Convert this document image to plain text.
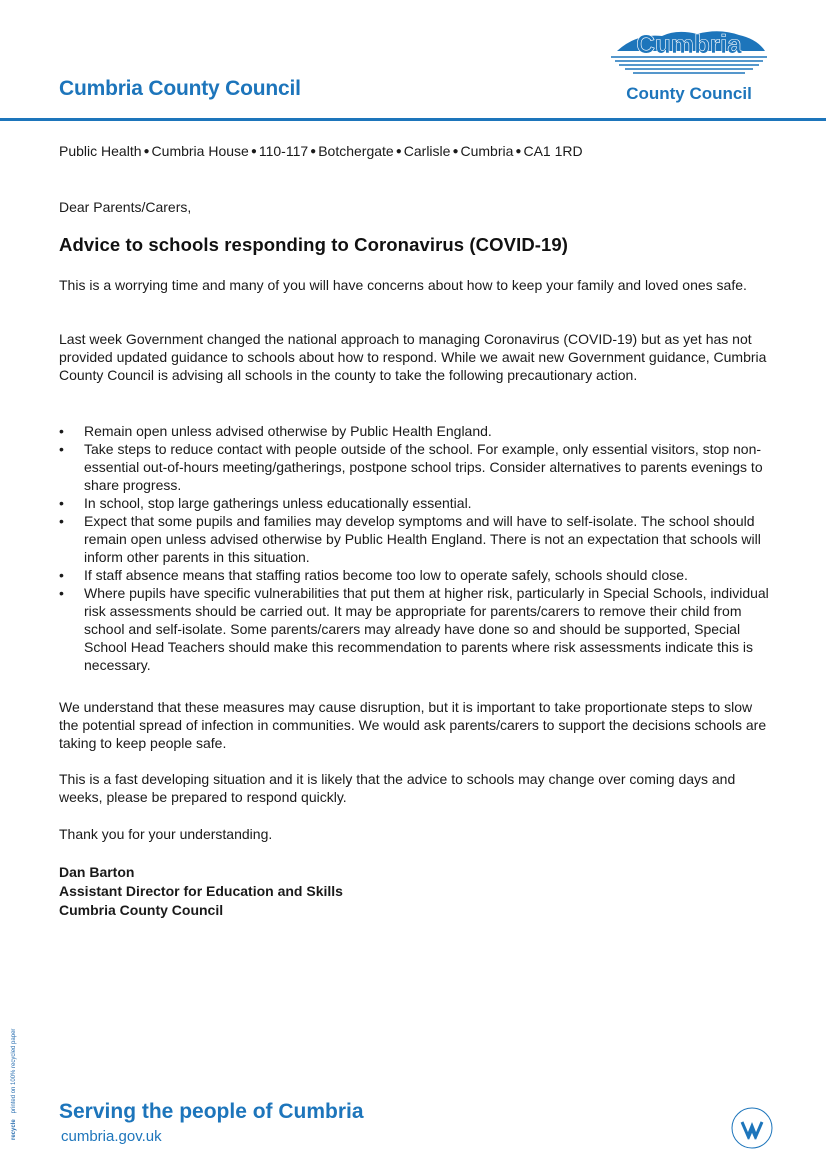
Cumbria County Council
Cumbria
County Council
Public Health ● Cumbria House ● 110-117 ● Botchergate ● Carlisle ● Cumbria ● CA1 1RD
Dear Parents/Carers,
Advice to schools responding to Coronavirus (COVID-19)

This is a worrying time and many of you will have concerns about how to keep your family and loved ones safe.

Last week Government changed the national approach to managing Coronavirus (COVID-19) but as yet has not provided updated guidance to schools about how to respond. While we await new Government guidance, Cumbria County Council is advising all schools in the county to take the following precautionary action.

• Remain open unless advised otherwise by Public Health England.
• Take steps to reduce contact with people outside of the school. For example, only essential visitors, stop non-essential out-of-hours meeting/gatherings, postpone school trips. Consider alternatives to parents evenings to share progress.
• In school, stop large gatherings unless educationally essential.
• Expect that some pupils and families may develop symptoms and will have to self-isolate. The school should remain open unless advised otherwise by Public Health England. There is not an expectation that schools will inform other parents in this situation.
• If staff absence means that staffing ratios become too low to operate safely, schools should close.
• Where pupils have specific vulnerabilities that put them at higher risk, particularly in Special Schools, individual risk assessments should be carried out. It may be appropriate for parents/carers to remove their child from school and self-isolate. Some parents/carers may already have done so and should be supported, Special School Head Teachers should make this recommendation to parents where risk assessments indicate this is necessary.

We understand that these measures may cause disruption, but it is important to take proportionate steps to slow the potential spread of infection in communities. We would ask parents/carers to support the decisions schools are taking to keep people safe.

This is a fast developing situation and it is likely that the advice to schools may change over coming days and weeks, please be prepared to respond quickly.

Thank you for your understanding.

Dan Barton
Assistant Director for Education and Skills
Cumbria County Council
recycleprinted on 100% recycled paper Serving the people of Cumbria
cumbria.gov.uk
